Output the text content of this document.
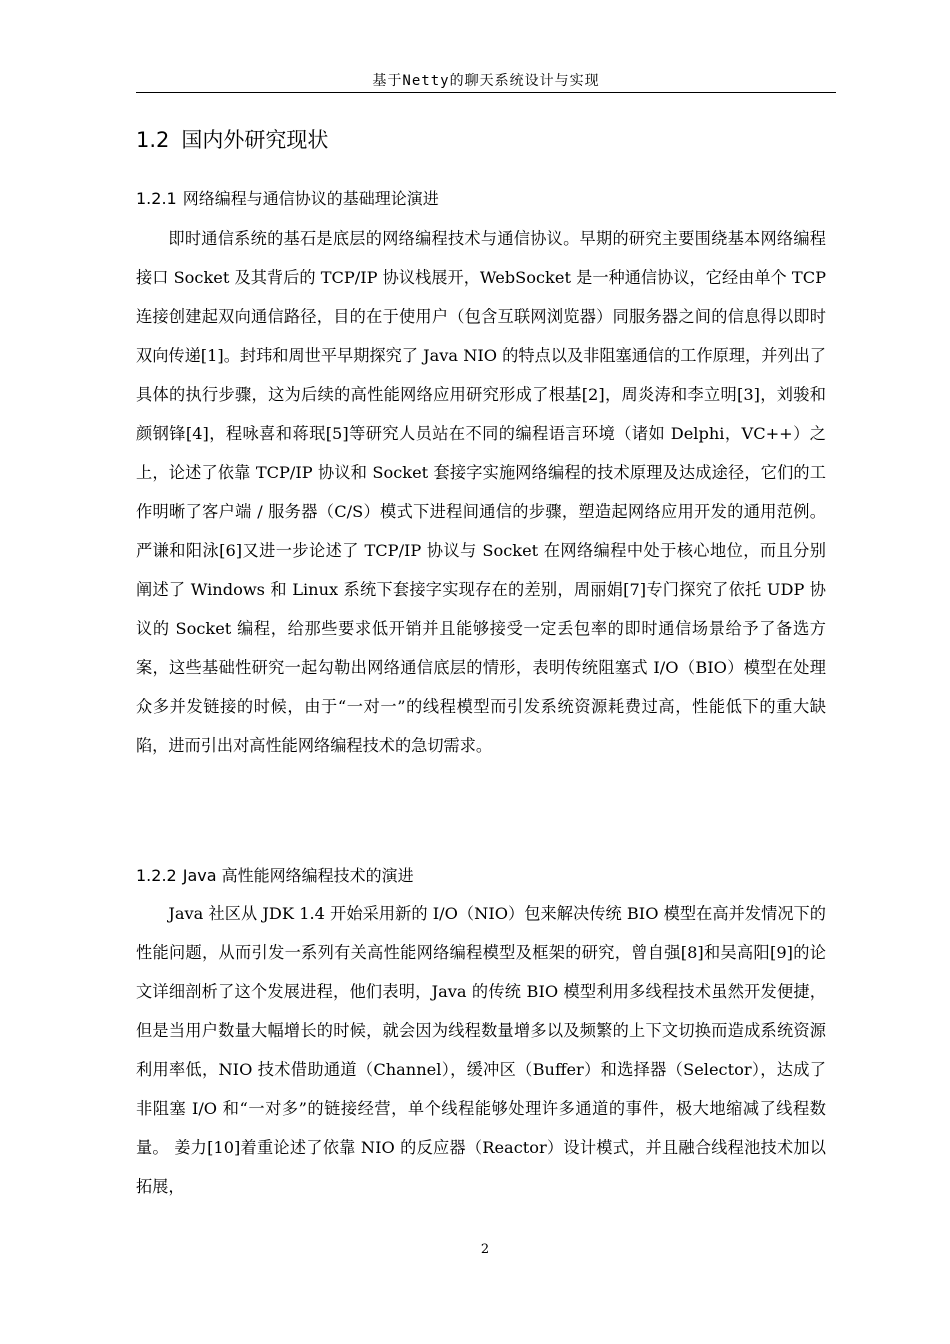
基于Netty的聊天系统设计与实现
1.2 国内外研究现状
1.2.1 网络编程与通信协议的基础理论演进

即时通信系统的基石是底层的网络编程技术与通信协议。早期的研究主要围绕基本网络编程接口 Socket 及其背后的 TCP/IP 协议栈展开，WebSocket 是一种通信协议，它经由单个 TCP 连接创建起双向通信路径，目的在于使用户（包含互联网浏览器）同服务器之间的信息得以即时双向传递[1]。封玮和周世平早期探究了 Java NIO 的特点以及非阻塞通信的工作原理，并列出了具体的执行步骤，这为后续的高性能网络应用研究形成了根基[2]，周炎涛和李立明[3]，刘骏和颜钢锋[4]，程咏喜和蒋珉[5]等研究人员站在不同的编程语言环境（诸如 Delphi，VC++）之上，论述了依靠 TCP/IP 协议和 Socket 套接字实施网络编程的技术原理及达成途径，它们的工作明晰了客户端 / 服务器（C/S）模式下进程间通信的步骤，塑造起网络应用开发的通用范例。严谦和阳泳[6]又进一步论述了 TCP/IP 协议与 Socket 在网络编程中处于核心地位，而且分别阐述了 Windows 和 Linux 系统下套接字实现存在的差别，周丽娟[7]专门探究了依托 UDP 协议的 Socket 编程，给那些要求低开销并且能够接受一定丢包率的即时通信场景给予了备选方案，这些基础性研究一起勾勒出网络通信底层的情形，表明传统阻塞式 I/O（BIO）模型在处理众多并发链接的时候，由于“一对一”的线程模型而引发系统资源耗费过高，性能低下的重大缺陷，进而引出对高性能网络编程技术的急切需求。

1.2.2 Java 高性能网络编程技术的演进

Java 社区从 JDK 1.4 开始采用新的 I/O（NIO）包来解决传统 BIO 模型在高并发情况下的性能问题，从而引发一系列有关高性能网络编程模型及框架的研究，曾自强[8]和吴高阳[9]的论文详细剖析了这个发展进程，他们表明，Java 的传统 BIO 模型利用多线程技术虽然开发便捷，但是当用户数量大幅增长的时候，就会因为线程数量增多以及频繁的上下文切换而造成系统资源利用率低，NIO 技术借助通道（Channel），缓冲区（Buffer）和选择器（Selector），达成了非阻塞 I/O 和“一对多”的链接经营，单个线程能够处理许多通道的事件，极大地缩减了线程数量。 姜力[10]着重论述了依靠 NIO 的反应器（Reactor）设计模式，并且融合线程池技术加以拓展，

2
